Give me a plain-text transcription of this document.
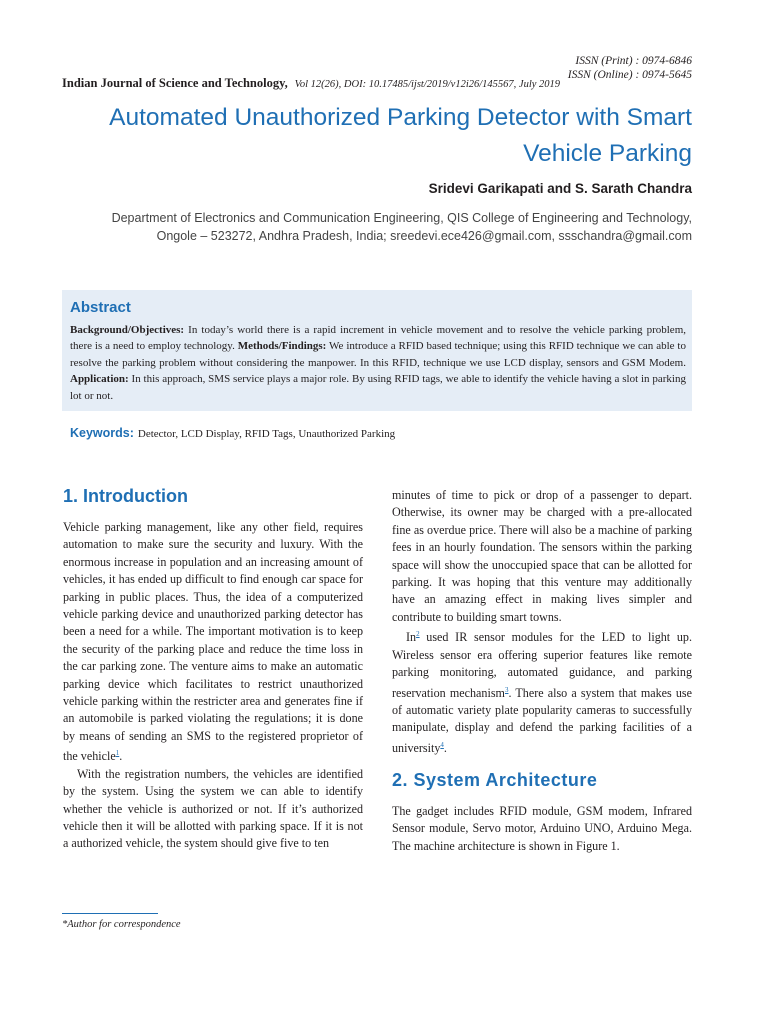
ISSN (Print) : 0974-6846
ISSN (Online) : 0974-5645
Indian Journal of Science and Technology, Vol 12(26), DOI: 10.17485/ijst/2019/v12i26/145567, July 2019
Automated Unauthorized Parking Detector with Smart Vehicle Parking
Sridevi Garikapati and S. Sarath Chandra
Department of Electronics and Communication Engineering, QIS College of Engineering and Technology, Ongole – 523272, Andhra Pradesh, India; sreedevi.ece426@gmail.com, ssschandra@gmail.com
Abstract
Background/Objectives: In today’s world there is a rapid increment in vehicle movement and to resolve the vehicle parking problem, there is a need to employ technology. Methods/Findings: We introduce a RFID based technique; using this RFID technique we can able to resolve the parking problem without considering the manpower. In this RFID, technique we use LCD display, sensors and GSM Modem. Application: In this approach, SMS service plays a major role. By using RFID tags, we able to identify the vehicle having a slot in parking lot or not.
Keywords: Detector, LCD Display, RFID Tags, Unauthorized Parking
1. Introduction

Vehicle parking management, like any other field, requires automation to make sure the security and luxury. With the enormous increase in population and an increasing amount of vehicles, it has ended up difficult to find enough car space for parking in public places. Thus, the idea of a computerized vehicle parking device and unauthorized parking detector has been a need for a while. The important motivation is to keep the security of the parking place and reduce the time loss in the car parking zone. The venture aims to make an automatic parking device which facilitates to restrict unauthorized vehicle parking within the restricter area and generates fine if an automobile is parked violating the regulations; it is done by means of sending an SMS to the registered proprietor of the vehicle$^1$.

With the registration numbers, the vehicles are identified by the system. Using the system we can able to identify whether the vehicle is authorized or not. If it’s authorized vehicle then it will be allotted with parking space. If it is not a authorized vehicle, the system should give five to ten

minutes of time to pick or drop of a passenger to depart. Otherwise, its owner may be charged with a pre-allocated fine as overdue price. There will also be a machine of parking fees in an hourly foundation. The sensors within the parking space will show the unoccupied space that can be allotted for parking. It was hoping that this venture may additionally have an amazing effect in making lives simpler and contribute to building smart towns.

In$^2$ used IR sensor modules for the LED to light up. Wireless sensor era offering superior features like remote parking monitoring, automated guidance, and parking reservation mechanism$^3$. There also a system that makes use of automatic variety plate popularity cameras to successfully manipulate, display and defend the parking facilities of a university$^4$.

2. System Architecture

The gadget includes RFID module, GSM modem, Infrared Sensor module, Servo motor, Arduino UNO, Arduino Mega. The machine architecture is shown in Figure 1.

*Author for correspondence
